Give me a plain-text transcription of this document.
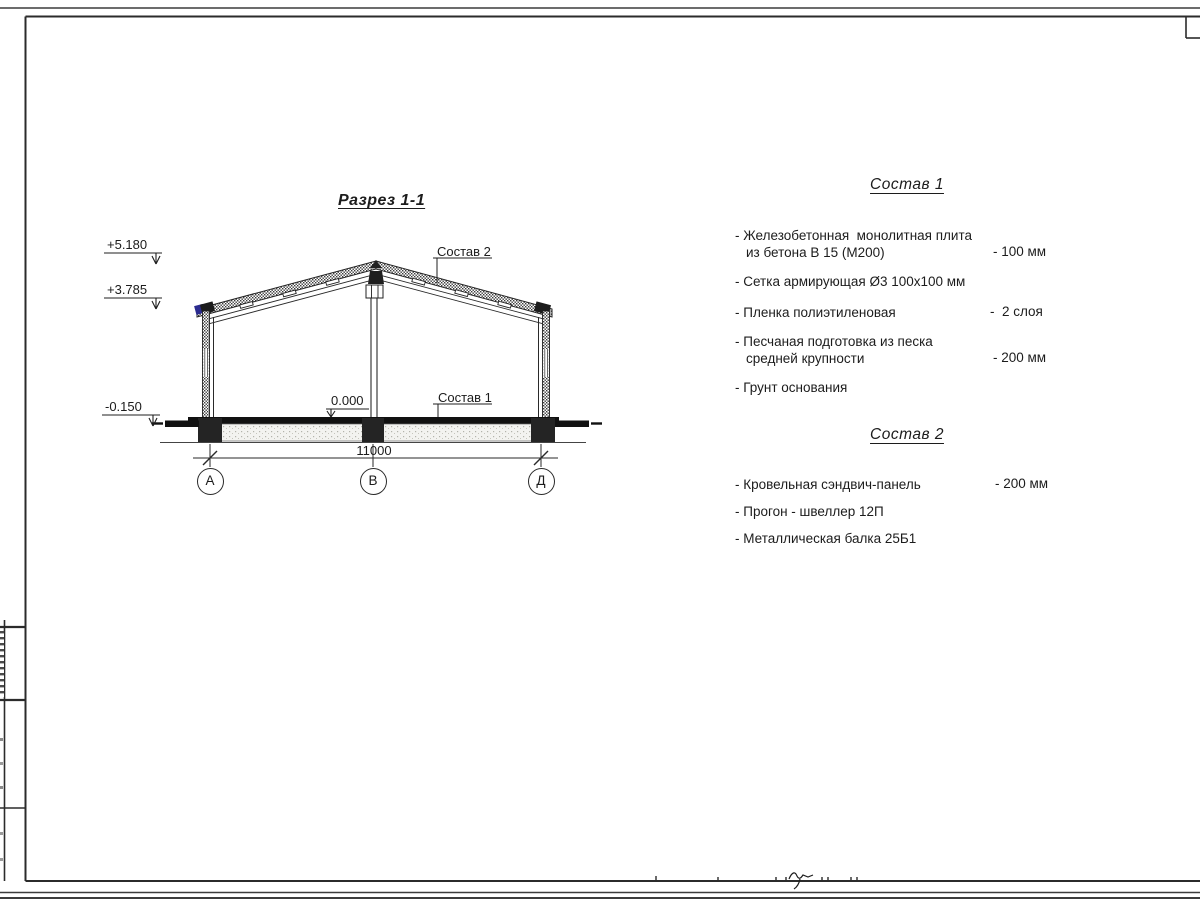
Разрез 1-1
+5.180
+3.785
-0.150	0.000
11000
Состав 2
Состав 1
А	В	Д
Состав 1
- Железобетонная  монолитная плита
из бетона В 15 (М200)	- 100 мм
- Сетка армирующая Ø3 100х100 мм
- Пленка полиэтиленовая	-  2 слоя
- Песчаная подготовка из песка
средней крупности	- 200 мм
- Грунт основания
Состав 2
- Кровельная сэндвич-панель	- 200 мм
- Прогон - швеллер 12П
- Металлическая балка 25Б1
